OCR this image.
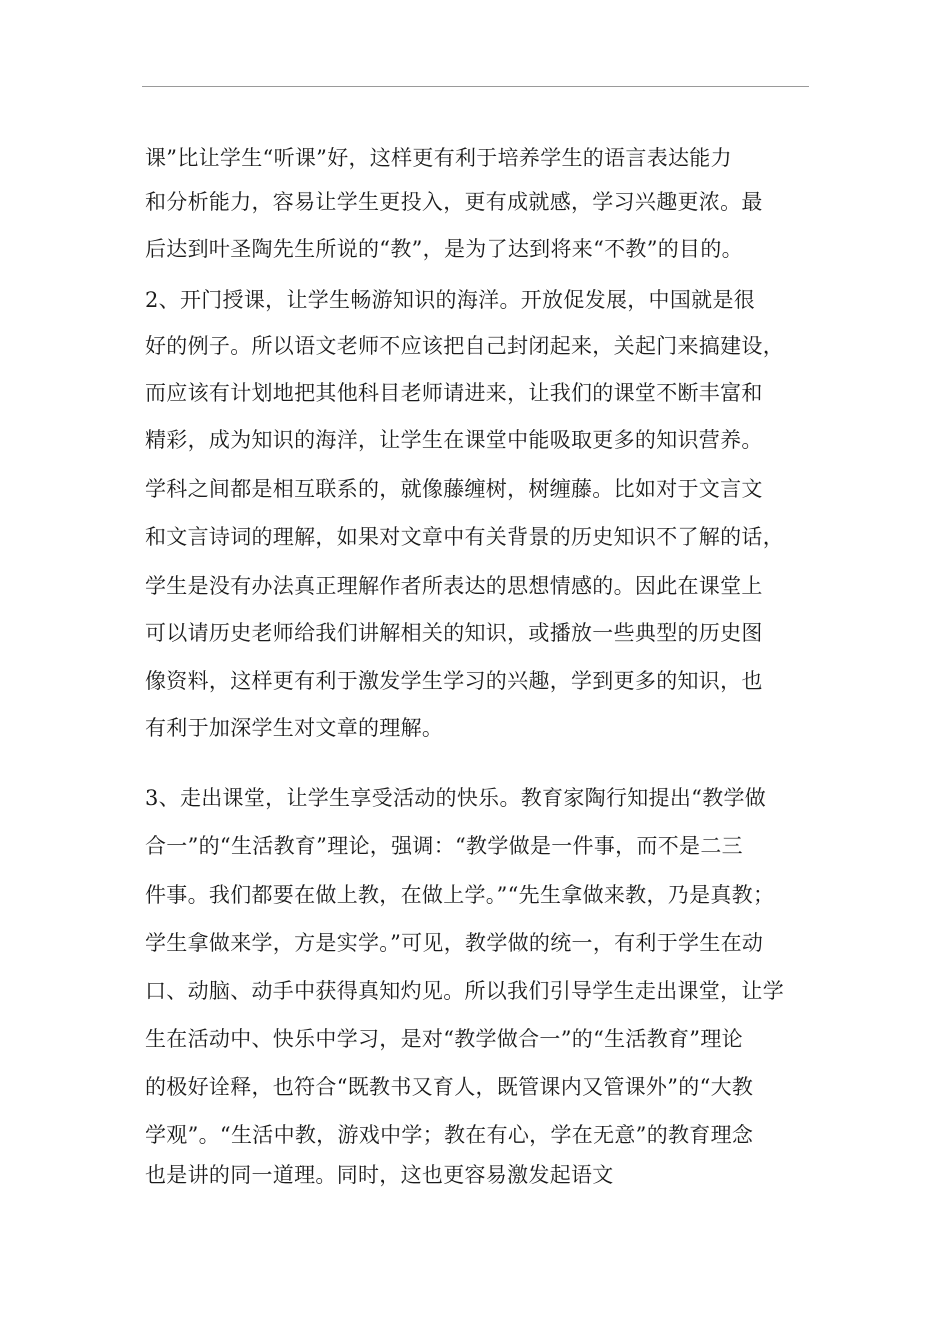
课”比让学生“听课”好，这样更有利于培养学生的语言表达能力
和分析能力，容易让学生更投入，更有成就感，学习兴趣更浓。最
后达到叶圣陶先生所说的“教”，是为了达到将来“不教”的目的。
2、开门授课，让学生畅游知识的海洋。开放促发展，中国就是很
好的例子。所以语文老师不应该把自己封闭起来，关起门来搞建设，
而应该有计划地把其他科目老师请进来，让我们的课堂不断丰富和
精彩，成为知识的海洋，让学生在课堂中能吸取更多的知识营养。
学科之间都是相互联系的，就像藤缠树，树缠藤。比如对于文言文
和文言诗词的理解，如果对文章中有关背景的历史知识不了解的话，
学生是没有办法真正理解作者所表达的思想情感的。因此在课堂上
可以请历史老师给我们讲解相关的知识，或播放一些典型的历史图
像资料，这样更有利于激发学生学习的兴趣，学到更多的知识，也
有利于加深学生对文章的理解。
3、走出课堂，让学生享受活动的快乐。教育家陶行知提出“教学做
合一”的“生活教育”理论，强调：“教学做是一件事，而不是二三
件事。我们都要在做上教，在做上学。”“先生拿做来教，乃是真教；
学生拿做来学，方是实学。”可见，教学做的统一，有利于学生在动
口、动脑、动手中获得真知灼见。所以我们引导学生走出课堂，让学
生在活动中、快乐中学习，是对“教学做合一”的“生活教育”理论
的极好诠释，也符合“既教书又育人，既管课内又管课外”的“大教
学观”。“生活中教，游戏中学；教在有心，学在无意”的教育理念
也是讲的同一道理。同时，这也更容易激发起语文
